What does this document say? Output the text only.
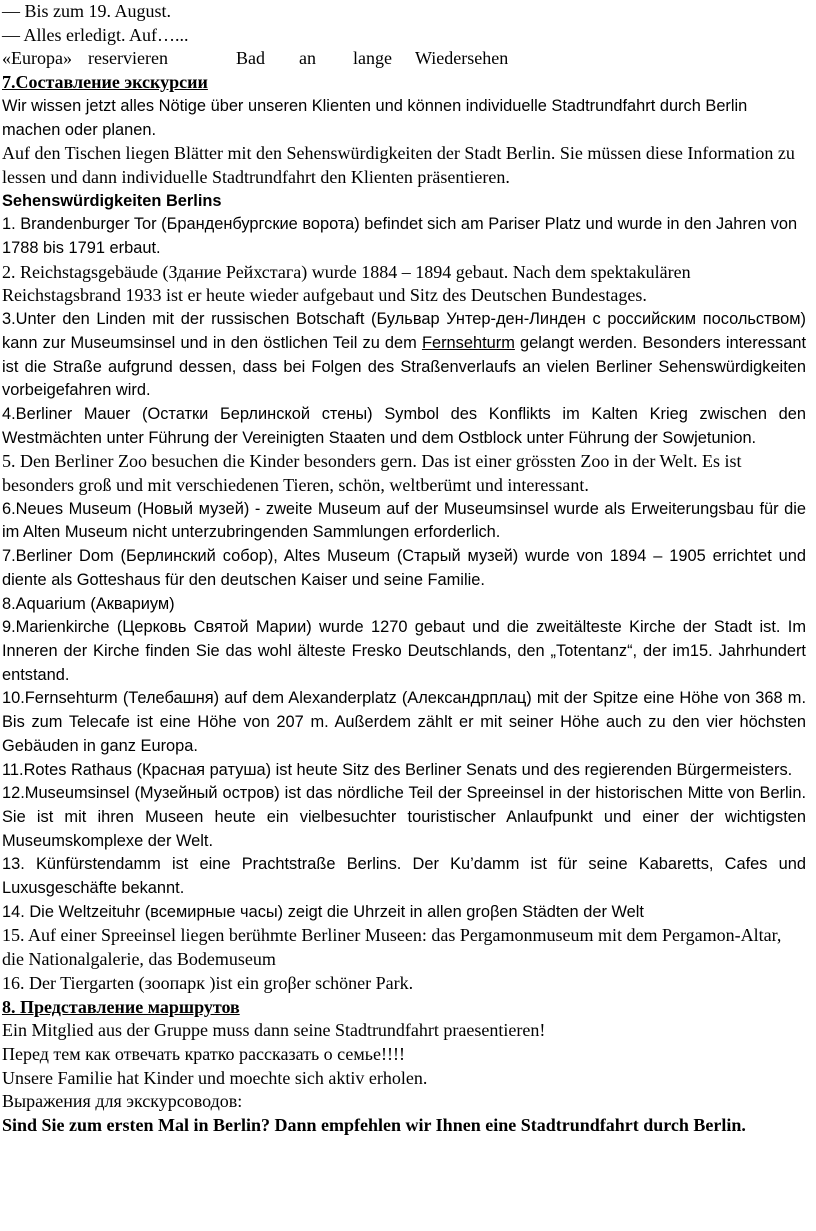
— Bis zum 19. August.
— Alles erledigt. Auf…...
«Europa» reservieren	Bad	an	lange	Wiedersehen
7.Составление экскурсии

Wir wissen jetzt alles Nötige über unseren Klienten und können individuelle Stadtrundfahrt durch Berlin machen oder planen.

Auf den Tischen liegen Blätter mit den Sehenswürdigkeiten der Stadt Berlin. Sie müssen diese Information zu lessen und dann individuelle Stadtrundfahrt den Klienten präsentieren.

Sehenswürdigkeiten Berlins

1. Brandenburger Tor (Бранденбургские ворота) befindet sich am Pariser Platz und wurde in den Jahren von 1788 bis 1791 erbaut.

2. Reichstagsgebäude (Здание Рейхстага) wurde 1884 – 1894 gebaut. Nach dem spektakulären Reichstagsbrand 1933 ist er heute wieder aufgebaut und Sitz des Deutschen Bundestages.

3.Unter den Linden mit der russischen Botschaft (Бульвар Унтер-ден-Линден с российским посольством) kann zur Museumsinsel und in den östlichen Teil zu dem Fernsehturm gelangt werden. Besonders interessant ist die Straße aufgrund dessen, dass bei Folgen des Straßenverlaufs an vielen Berliner Sehenswürdigkeiten vorbeigefahren wird.

4.Berliner Mauer (Остатки Берлинской стены) Symbol des Konflikts im Kalten Krieg zwischen den Westmächten unter Führung der Vereinigten Staaten und dem Ostblock unter Führung der Sowjetunion.

5. Den Berliner Zoo besuchen die Kinder besonders gern. Das ist einer grössten Zoo in der Welt. Es ist besonders groß und mit verschiedenen Tieren, schön, weltberümt und interessant.

6.Neues Museum (Новый музей) - zweite Museum auf der Museumsinsel wurde als Erweiterungsbau für die im Alten Museum nicht unterzubringenden Sammlungen erforderlich.

7.Berliner Dom (Берлинский собор), Altes Museum (Старый музей) wurde von 1894 – 1905 errichtet und diente als Gotteshaus für den deutschen Kaiser und seine Familie.

8.Aquarium (Аквариум)

9.Marienkirche (Церковь Святой Марии) wurde 1270 gebaut und die zweitälteste Kirche der Stadt ist. Im Inneren der Kirche finden Sie das wohl älteste Fresko Deutschlands, den „Totentanz“, der im15. Jahrhundert entstand.

10.Fernsehturm (Телебашня) auf dem Alexanderplatz (Александрплац) mit der Spitze eine Höhe von 368 m. Bis zum Telecafe ist eine Höhe von 207 m. Außerdem zählt er mit seiner Höhe auch zu den vier höchsten Gebäuden in ganz Europa.

11.Rotes Rathaus (Красная ратуша) ist heute Sitz des Berliner Senats und des regierenden Bürgermeisters.

12.Museumsinsel (Музейный остров) ist das nördliche Teil der Spreeinsel in der historischen Mitte von Berlin. Sie ist mit ihren Museen heute ein vielbesuchter touristischer Anlaufpunkt und einer der wichtigsten Museumskomplexe der Welt.

13. Künfürstendamm ist eine Prachtstraße Berlins. Der Ku’damm ist für seine Kabaretts, Cafes und Luxusgeschäfte bekannt.

14. Die Weltzeituhr (всемирные часы) zeigt die Uhrzeit in allen groβen Städten der Welt

15. Auf einer Spreeinsel liegen berühmte Berliner Museen: das Pergamonmuseum mit dem Pergamon-Altar, die Nationalgalerie, das Bodemuseum

16. Der Tiergarten (зоопарк )ist ein groβer schöner Park.

8. Представление маршрутов
Ein Mitglied aus der Gruppe muss dann seine Stadtrundfahrt praesentieren!
Перед тем как отвечать кратко рассказать о семье!!!!
Unsere Familie hat Kinder und moechte sich aktiv erholen.
Выражения для экскурсоводов:

Sind Sie zum ersten Mal in Berlin? Dann empfehlen wir Ihnen eine Stadtrundfahrt durch Berlin.
